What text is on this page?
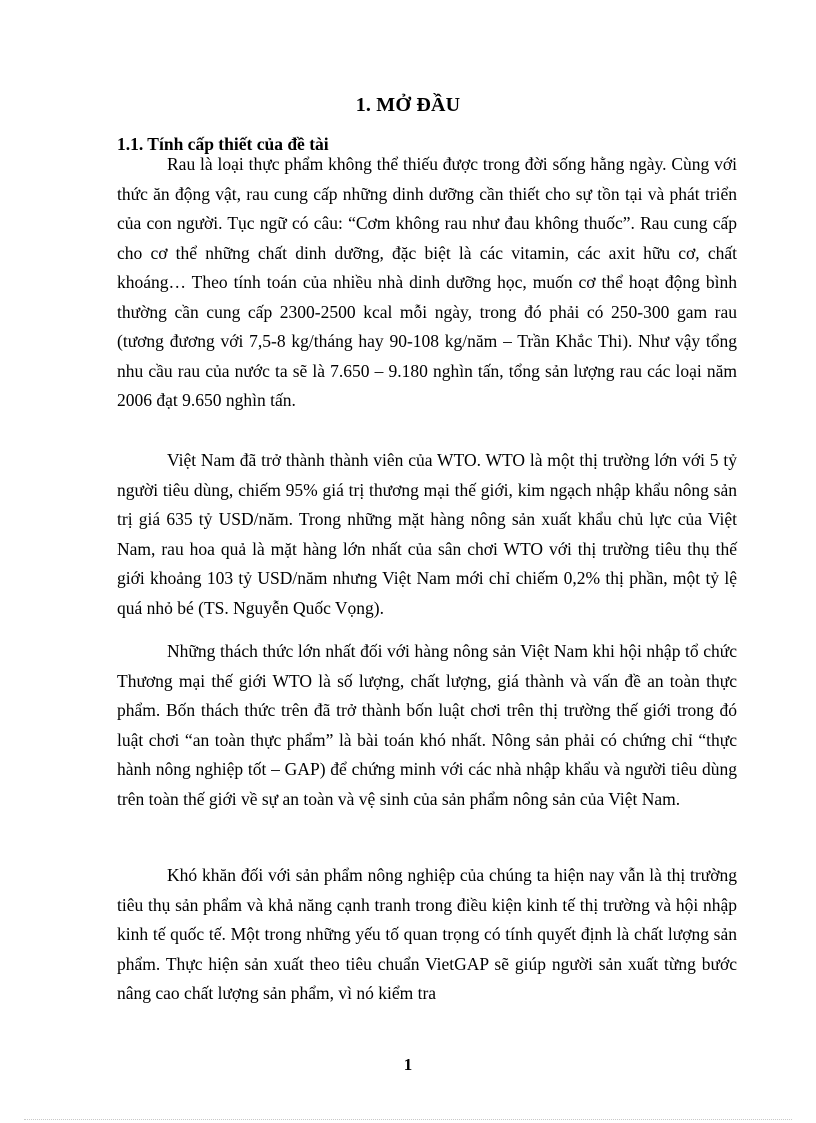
1. MỞ ĐẦU
1.1. Tính cấp thiết của đề tài

Rau là loại thực phẩm không thể thiếu được trong đời sống hằng ngày. Cùng với thức ăn động vật, rau cung cấp những dinh dưỡng cần thiết cho sự tồn tại và phát triển của con người. Tục ngữ có câu: “Cơm không rau như đau không thuốc”. Rau cung cấp cho cơ thể những chất dinh dưỡng, đặc biệt là các vitamin, các axit hữu cơ, chất khoáng… Theo tính toán của nhiều nhà dinh dưỡng học, muốn cơ thể hoạt động bình thường cần cung cấp 2300-2500 kcal mỗi ngày, trong đó phải có 250-300 gam rau (tương đương với 7,5-8 kg/tháng hay 90-108 kg/năm – Trần Khắc Thi). Như vậy tổng nhu cầu rau của nước ta sẽ là 7.650 – 9.180 nghìn tấn, tổng sản lượng rau các loại năm 2006 đạt 9.650 nghìn tấn.

Việt Nam đã trở thành thành viên của WTO. WTO là một thị trường lớn với 5 tỷ người tiêu dùng, chiếm 95% giá trị thương mại thế giới, kim ngạch nhập khẩu nông sản trị giá 635 tỷ USD/năm. Trong những mặt hàng nông sản xuất khẩu chủ lực của Việt Nam, rau hoa quả là mặt hàng lớn nhất của sân chơi WTO với thị trường tiêu thụ thế giới khoảng 103 tỷ USD/năm nhưng Việt Nam mới chỉ chiếm 0,2% thị phần, một tỷ lệ quá nhỏ bé (TS. Nguyễn Quốc Vọng).

Những thách thức lớn nhất đối với hàng nông sản Việt Nam khi hội nhập tổ chức Thương mại thế giới WTO là số lượng, chất lượng, giá thành và vấn đề an toàn thực phẩm. Bốn thách thức trên đã trở thành bốn luật chơi trên thị trường thế giới trong đó luật chơi “an toàn thực phẩm” là bài toán khó nhất. Nông sản phải có chứng chỉ “thực hành nông nghiệp tốt – GAP) để chứng minh với các nhà nhập khẩu và người tiêu dùng trên toàn thế giới về sự an toàn và vệ sinh của sản phẩm nông sản của Việt Nam.

Khó khăn đối với sản phẩm nông nghiệp của chúng ta hiện nay vẫn là thị trường tiêu thụ sản phẩm và khả năng cạnh tranh trong điều kiện kinh tế thị trường và hội nhập kinh tế quốc tế. Một trong những yếu tố quan trọng có tính quyết định là chất lượng sản phẩm. Thực hiện sản xuất theo tiêu chuẩn VietGAP sẽ giúp người sản xuất từng bước nâng cao chất lượng sản phẩm, vì nó kiểm tra

1
